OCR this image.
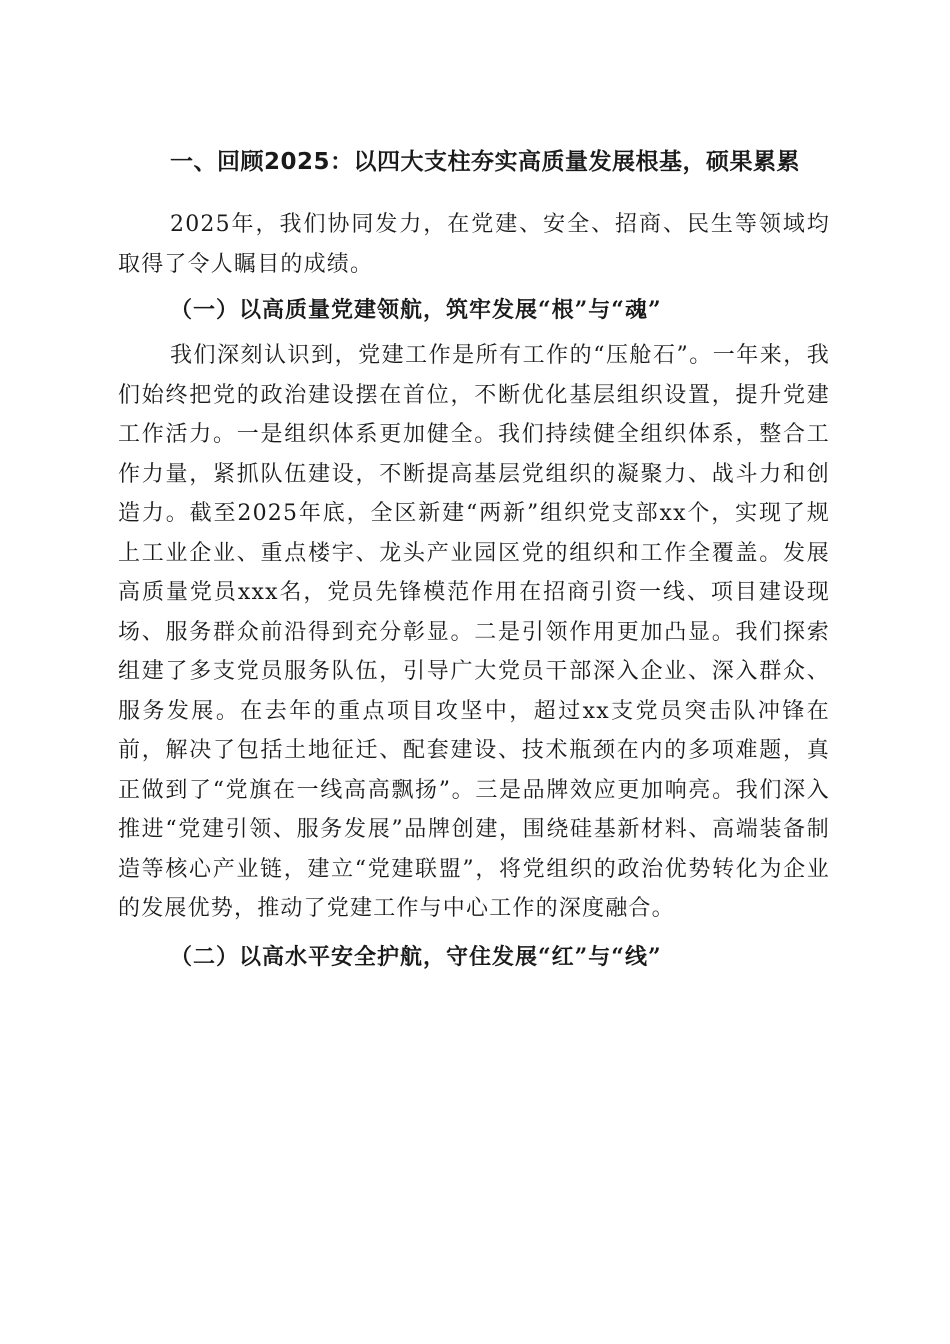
一、回顾2025：以四大支柱夯实高质量发展根基，硕果累累

2025年，我们协同发力，在党建、安全、招商、民生等领域均取得了令人瞩目的成绩。

（一）以高质量党建领航，筑牢发展“根”与“魂”

我们深刻认识到，党建工作是所有工作的“压舱石”。一年来，我们始终把党的政治建设摆在首位，不断优化基层组织设置，提升党建工作活力。一是组织体系更加健全。我们持续健全组织体系，整合工作力量，紧抓队伍建设，不断提高基层党组织的凝聚力、战斗力和创造力。截至2025年底，全区新建“两新”组织党支部xx个，实现了规上工业企业、重点楼宇、龙头产业园区党的组织和工作全覆盖。发展高质量党员xxx名，党员先锋模范作用在招商引资一线、项目建设现场、服务群众前沿得到充分彰显。二是引领作用更加凸显。我们探索组建了多支党员服务队伍，引导广大党员干部深入企业、深入群众、服务发展。在去年的重点项目攻坚中，超过xx支党员突击队冲锋在前，解决了包括土地征迁、配套建设、技术瓶颈在内的多项难题，真正做到了“党旗在一线高高飘扬”。三是品牌效应更加响亮。我们深入推进“党建引领、服务发展”品牌创建，围绕硅基新材料、高端装备制造等核心产业链，建立“党建联盟”，将党组织的政治优势转化为企业的发展优势，推动了党建工作与中心工作的深度融合。

（二）以高水平安全护航，守住发展“红”与“线”
